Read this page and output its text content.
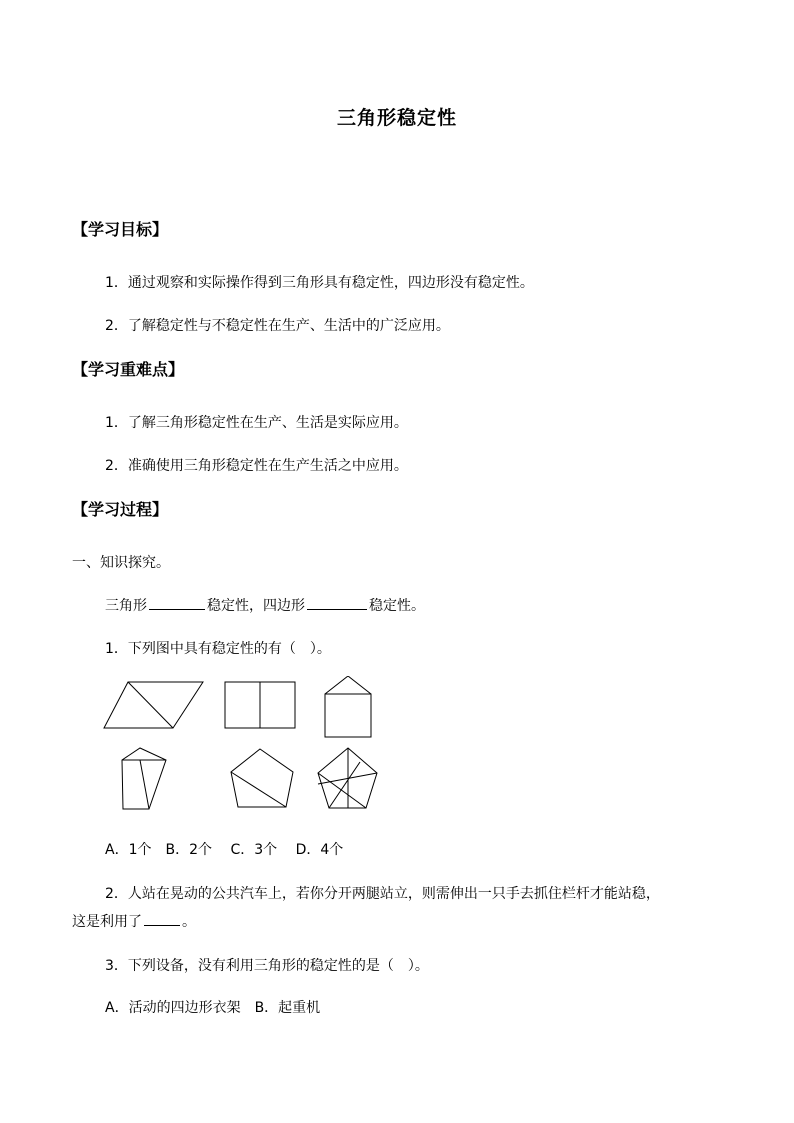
三角形稳定性
【学习目标】
1．通过观察和实际操作得到三角形具有稳定性，四边形没有稳定性。
2．了解稳定性与不稳定性在生产、生活中的广泛应用。
【学习重难点】
1．了解三角形稳定性在生产、生活是实际应用。
2．准确使用三角形稳定性在生产生活之中应用。
【学习过程】
一、知识探究。
三角形	稳定性，四边形	稳定性。
1．下列图中具有稳定性的有（　）。
A．1个　B．2个　 C．3个　 D．4个
2．人站在晃动的公共汽车上，若你分开两腿站立，则需伸出一只手去抓住栏杆才能站稳，
这是利用了	。
3．下列设备，没有利用三角形的稳定性的是（　）。
A．活动的四边形衣架　B．起重机
